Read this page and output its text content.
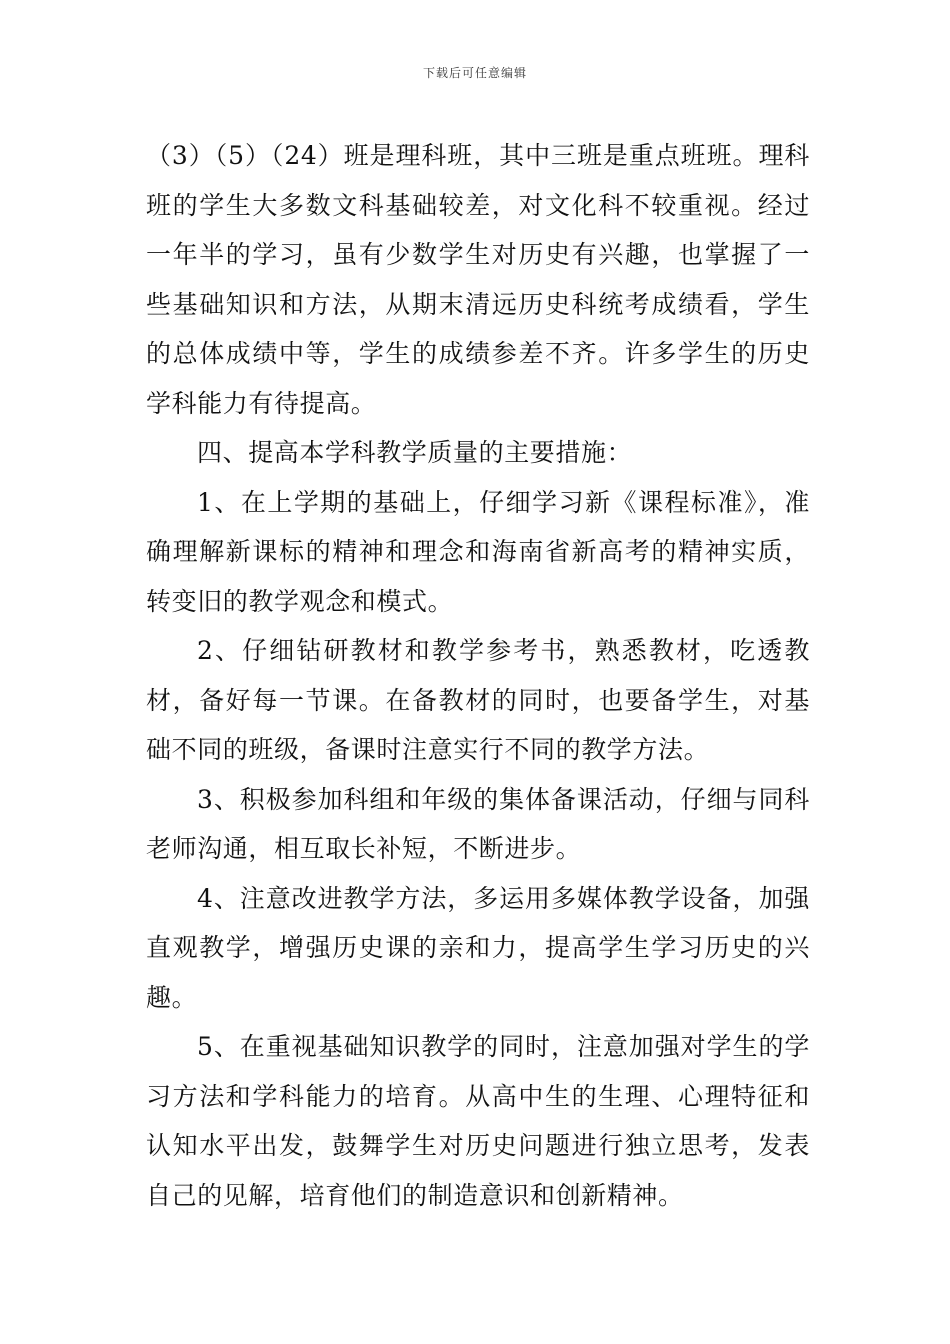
下载后可任意编辑

（3）（5）（24）班是理科班，其中三班是重点班班。理科班的学生大多数文科基础较差，对文化科不较重视。经过一年半的学习，虽有少数学生对历史有兴趣，也掌握了一些基础知识和方法，从期末清远历史科统考成绩看，学生的总体成绩中等，学生的成绩参差不齐。许多学生的历史学科能力有待提高。

四、提高本学科教学质量的主要措施：

1、在上学期的基础上，仔细学习新《课程标准》，准确理解新课标的精神和理念和海南省新高考的精神实质，转变旧的教学观念和模式。

2、仔细钻研教材和教学参考书，熟悉教材，吃透教材，备好每一节课。在备教材的同时，也要备学生，对基础不同的班级，备课时注意实行不同的教学方法。

3、积极参加科组和年级的集体备课活动，仔细与同科老师沟通，相互取长补短，不断进步。

4、注意改进教学方法，多运用多媒体教学设备，加强直观教学，增强历史课的亲和力，提高学生学习历史的兴趣。

5、在重视基础知识教学的同时，注意加强对学生的学习方法和学科能力的培育。从高中生的生理、心理特征和认知水平出发，鼓舞学生对历史问题进行独立思考，发表自己的见解，培育他们的制造意识和创新精神。
